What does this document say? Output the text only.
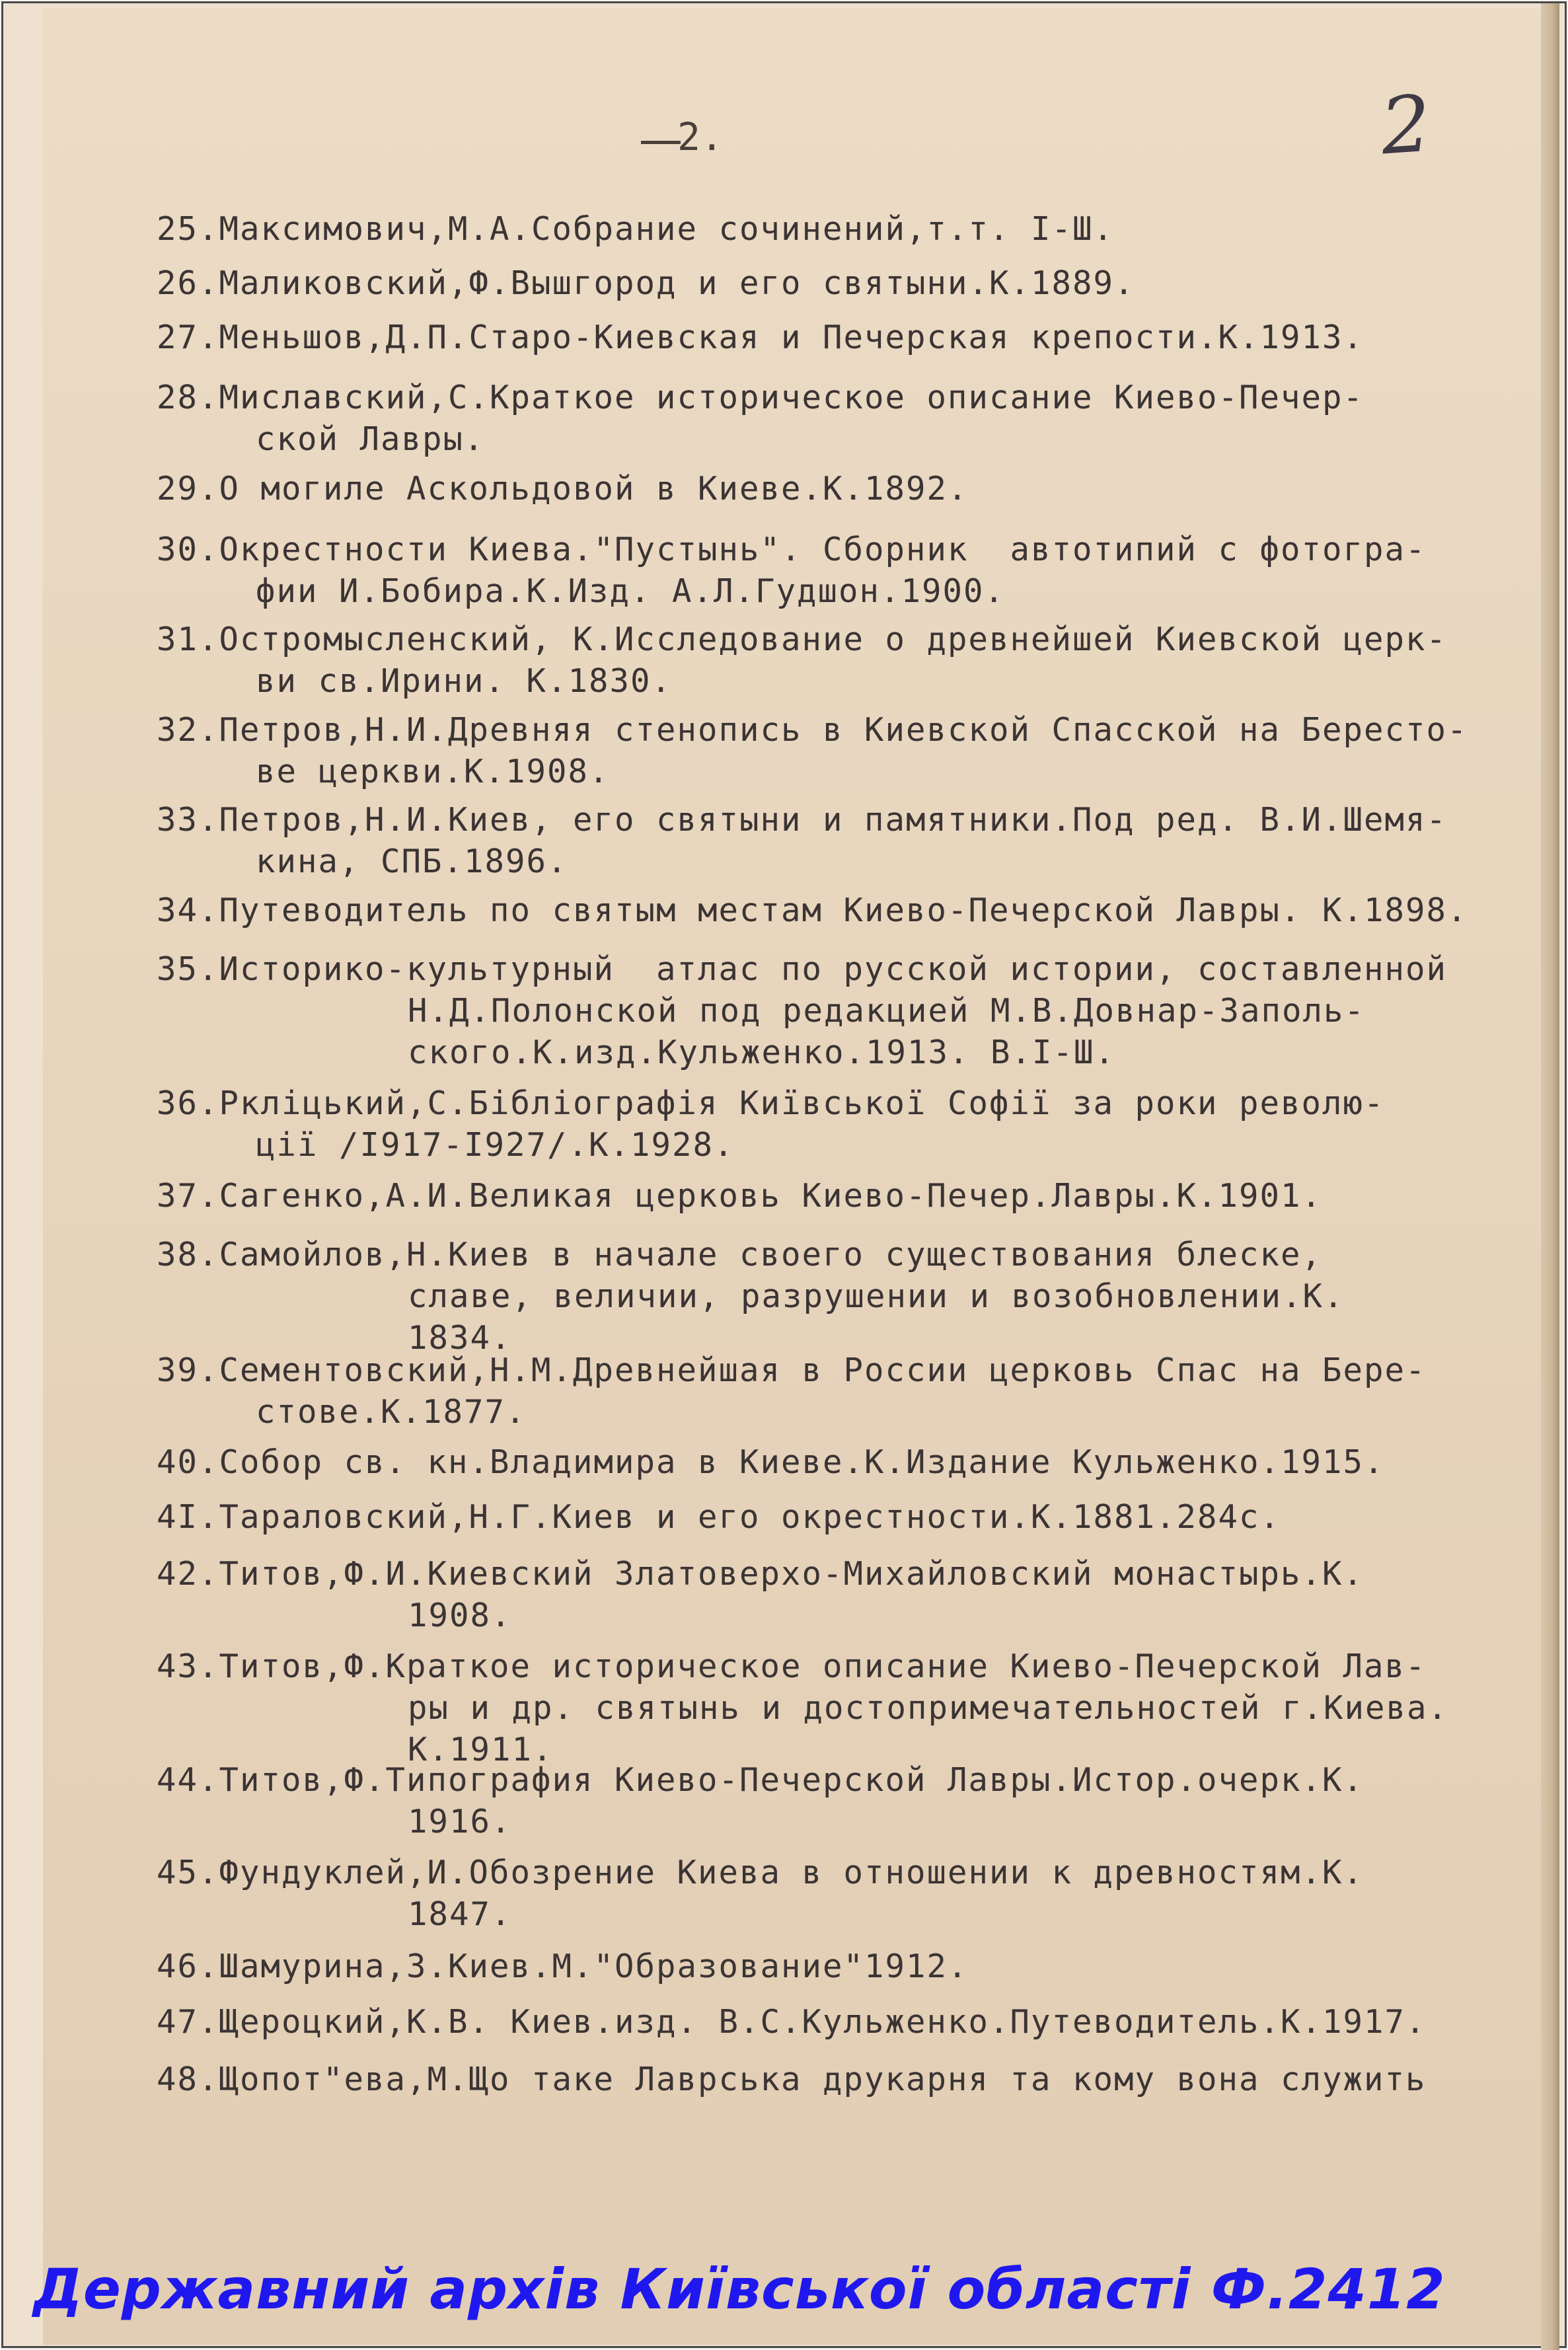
2.	2
25.Максимович,М.А.Собрание сочинений,т.т. I-Ш.
26.Маликовский,Ф.Вышгород и его святыни.К.1889.
27.Меньшов,Д.П.Старо-Киевская и Печерская крепости.К.1913.
28.Миславский,С.Краткое историческое описание Киево-Печер-
ской Лавры.
29.О могиле Аскольдовой в Киеве.К.1892.
30.Окрестности Киева."Пустынь". Сборник  автотипий с фотогра-
фии И.Бобира.К.Изд. А.Л.Гудшон.1900.
31.Остромысленский, К.Исследование о древнейшей Киевской церк-
ви св.Ирини. К.1830.
32.Петров,Н.И.Древняя стенопись в Киевской Спасской на Бересто-
ве церкви.К.1908.
33.Петров,Н.И.Киев, его святыни и памятники.Под ред. В.И.Шемя-
кина, СПБ.1896.
34.Путеводитель по святым местам Киево-Печерской Лавры. К.1898.
35.Историко-культурный  атлас по русской истории, составленной
Н.Д.Полонской под редакцией М.В.Довнар-Заполь-
ского.К.изд.Кульженко.1913. В.I-Ш.
36.Рклiцький,С.Бiблiографiя Київської Софiї за роки револю-
цiї /I917-I927/.К.1928.
37.Сагенко,А.И.Великая церковь Киево-Печер.Лавры.К.1901.
38.Самойлов,Н.Киев в начале своего существования блеске,
славе, величии, разрушении и возобновлении.К.
1834.
39.Сементовский,Н.М.Древнейшая в России церковь Спас на Бере-
стове.К.1877.
40.Собор св. кн.Владимира в Киеве.К.Издание Кульженко.1915.
4I.Тараловский,Н.Г.Киев и его окрестности.К.1881.284с.
42.Титов,Ф.И.Киевский Златоверхо-Михайловский монастырь.К.
1908.
43.Титов,Ф.Краткое историческое описание Киево-Печерской Лав-
ры и др. святынь и достопримечательностей г.Киева.
К.1911.
44.Титов,Ф.Типография Киево-Печерской Лавры.Истор.очерк.К.
1916.
45.Фундуклей,И.Обозрение Киева в отношении к древностям.К.
1847.
46.Шамурина,З.Киев.М."Образование"1912.
47.Щероцкий,К.В. Киев.изд. В.С.Кульженко.Путеводитель.К.1917.
48.Щопот"ева,М.Що таке Лаврська друкарня та кому вона служить
Державний архів Київської області Ф.2412
